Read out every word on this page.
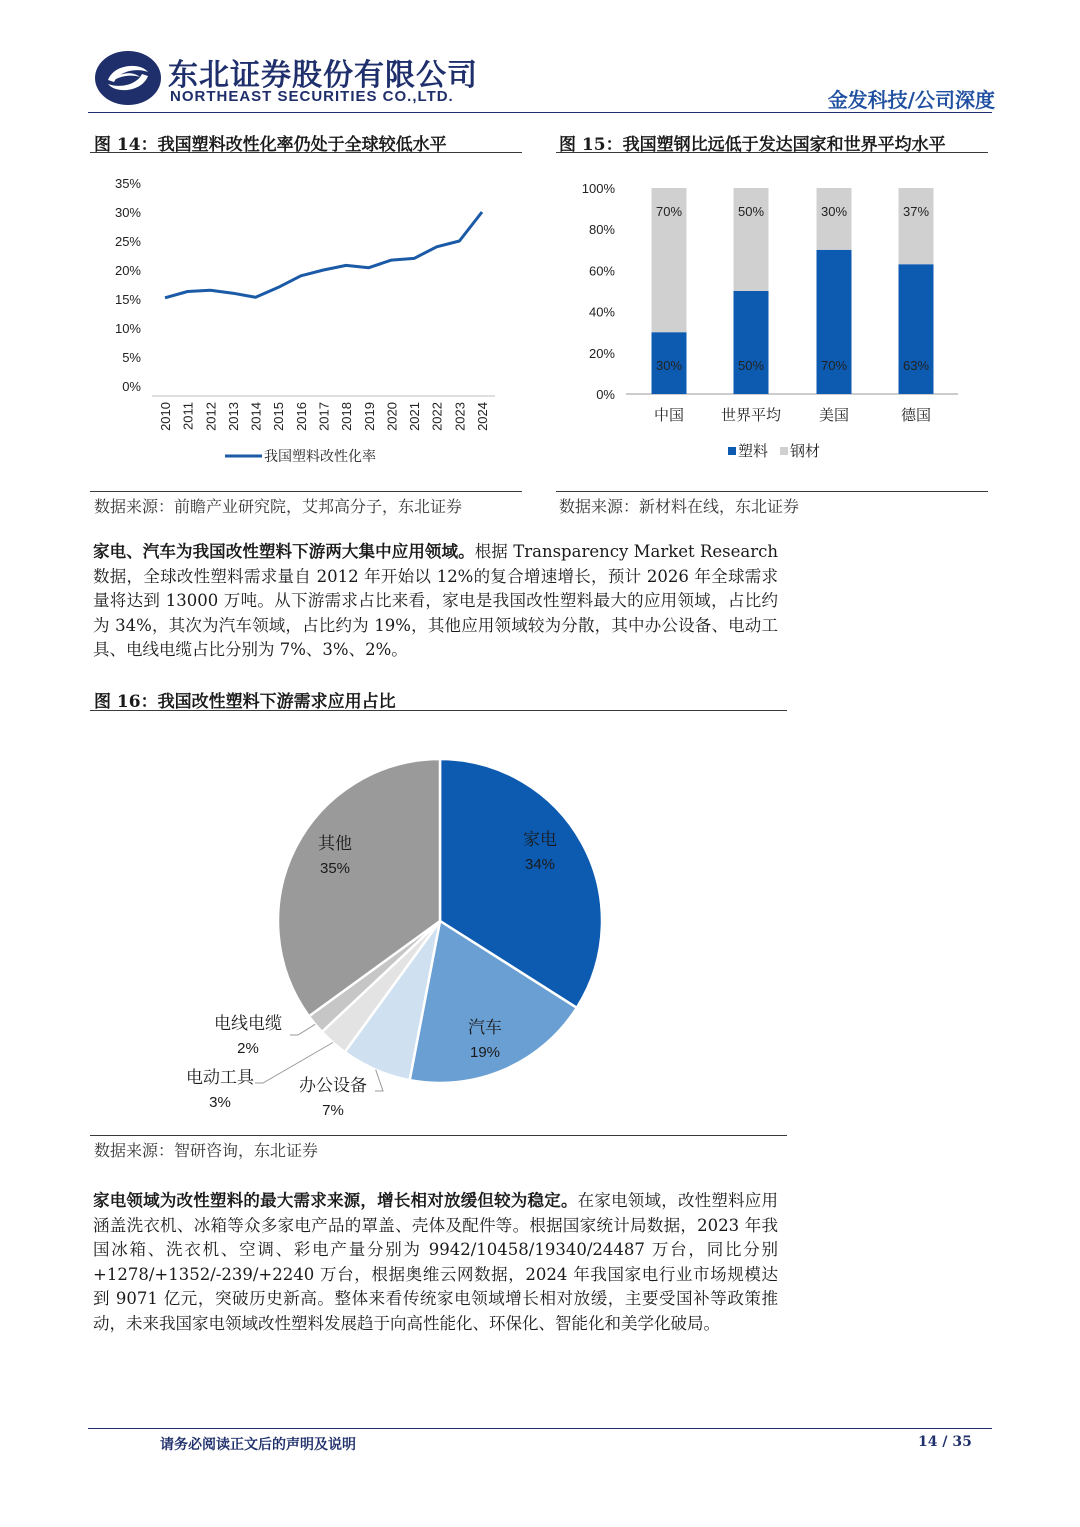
东北证券股份有限公司
NORTHEAST SECURITIES CO.,LTD.	金发科技/公司深度
图 14：我国塑料改性化率仍处于全球较低水平
0%
5%
10%
15%
20%
25%
30%
35%
2010 2011 2012 2013 2014 2015 2016 2017 2018 2019 2020 2021 2022 2023 2024
我国塑料改性化率
数据来源：前瞻产业研究院，艾邦高分子，东北证券
图 15：我国塑钢比远低于发达国家和世界平均水平
0%
20%
40%
60%
80%
100%
30%
70%
中国
50%
50%
世界平均
70%
30%
美国
63%
37%
德国
塑料 钢材
数据来源：新材料在线，东北证券
家电、汽车为我国改性塑料下游两大集中应用领域。根据 Transparency Market Research 数据，全球改性塑料需求量自 2012 年开始以 12%的复合增速增长，预计 2026 年全球需求量将达到 13000 万吨。从下游需求占比来看，家电是我国改性塑料最大的应用领域，占比约为 34%，其次为汽车领域，占比约为 19%，其他应用领域较为分散，其中办公设备、电动工具、电线电缆占比分别为 7%、3%、2%。
图 16：我国改性塑料下游需求应用占比
家电
34%
汽车
19%
办公设备
7%
电动工具
3%
电线电缆
2%
其他
35%
数据来源：智研咨询，东北证券
家电领域为改性塑料的最大需求来源，增长相对放缓但较为稳定。在家电领域，改性塑料应用涵盖洗衣机、冰箱等众多家电产品的罩盖、壳体及配件等。根据国家统计局数据，2023 年我国冰箱、洗衣机、空调、彩电产量分别为 9942/10458/19340/24487 万台，同比分别+1278/+1352/-239/+2240 万台，根据奥维云网数据，2024 年我国家电行业市场规模达到 9071 亿元，突破历史新高。整体来看传统家电领域增长相对放缓，主要受国补等政策推动，未来我国家电领域改性塑料发展趋于向高性能化、环保化、智能化和美学化破局。
请务必阅读正文后的声明及说明	14 / 35
